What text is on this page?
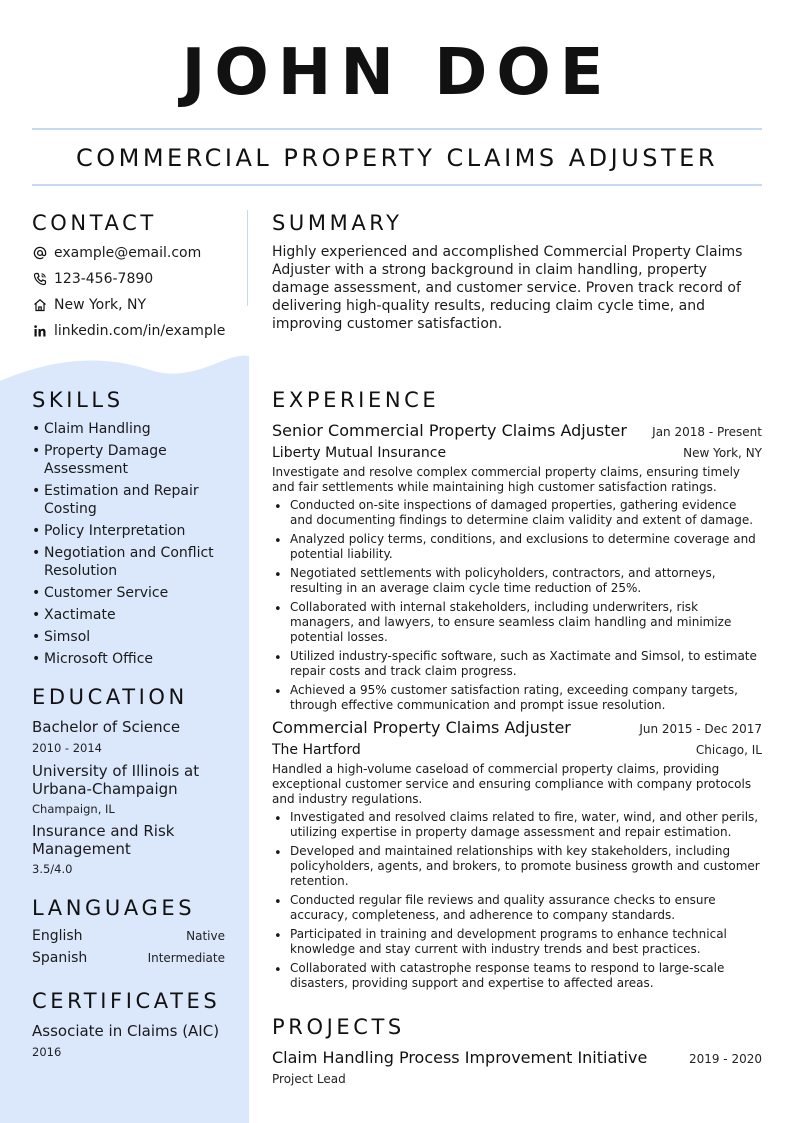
JOHN DOE
COMMERCIAL PROPERTY CLAIMS ADJUSTER
CONTACT
example@email.com
123-456-7890
New York, NY
linkedin.com/in/example
SKILLS
• Claim Handling
• Property Damage Assessment
• Estimation and Repair Costing
• Policy Interpretation
• Negotiation and Conflict Resolution
• Customer Service
• Xactimate
• Simsol
• Microsoft Office
EDUCATION
Bachelor of Science
2010 - 2014
University of Illinois at Urbana-Champaign
Champaign, IL
Insurance and Risk Management
3.5/4.0
LANGUAGES
English	Native
Spanish	Intermediate
CERTIFICATES
Associate in Claims (AIC)
2016
SUMMARY

Highly experienced and accomplished Commercial Property Claims Adjuster with a strong background in claim handling, property damage assessment, and customer service. Proven track record of delivering high-quality results, reducing claim cycle time, and improving customer satisfaction.

EXPERIENCE
Senior Commercial Property Claims Adjuster Jan 2018 - Present
Liberty Mutual Insurance	New York, NY

Investigate and resolve complex commercial property claims, ensuring timely and fair settlements while maintaining high customer satisfaction ratings.

• Conducted on-site inspections of damaged properties, gathering evidence and documenting findings to determine claim validity and extent of damage.
• Analyzed policy terms, conditions, and exclusions to determine coverage and potential liability.
• Negotiated settlements with policyholders, contractors, and attorneys, resulting in an average claim cycle time reduction of 25%.
• Collaborated with internal stakeholders, including underwriters, risk managers, and lawyers, to ensure seamless claim handling and minimize potential losses.
• Utilized industry-specific software, such as Xactimate and Simsol, to estimate repair costs and track claim progress.
• Achieved a 95% customer satisfaction rating, exceeding company targets, through effective communication and prompt issue resolution.
Commercial Property Claims Adjuster	Jun 2015 - Dec 2017
The Hartford	Chicago, IL

Handled a high-volume caseload of commercial property claims, providing exceptional customer service and ensuring compliance with company protocols and industry regulations.

• Investigated and resolved claims related to fire, water, wind, and other perils, utilizing expertise in property damage assessment and repair estimation.
• Developed and maintained relationships with key stakeholders, including policyholders, agents, and brokers, to promote business growth and customer retention.
• Conducted regular file reviews and quality assurance checks to ensure accuracy, completeness, and adherence to company standards.
• Participated in training and development programs to enhance technical knowledge and stay current with industry trends and best practices.
• Collaborated with catastrophe response teams to respond to large-scale disasters, providing support and expertise to affected areas.
PROJECTS
Claim Handling Process Improvement Initiative	2019 - 2020
Project Lead
